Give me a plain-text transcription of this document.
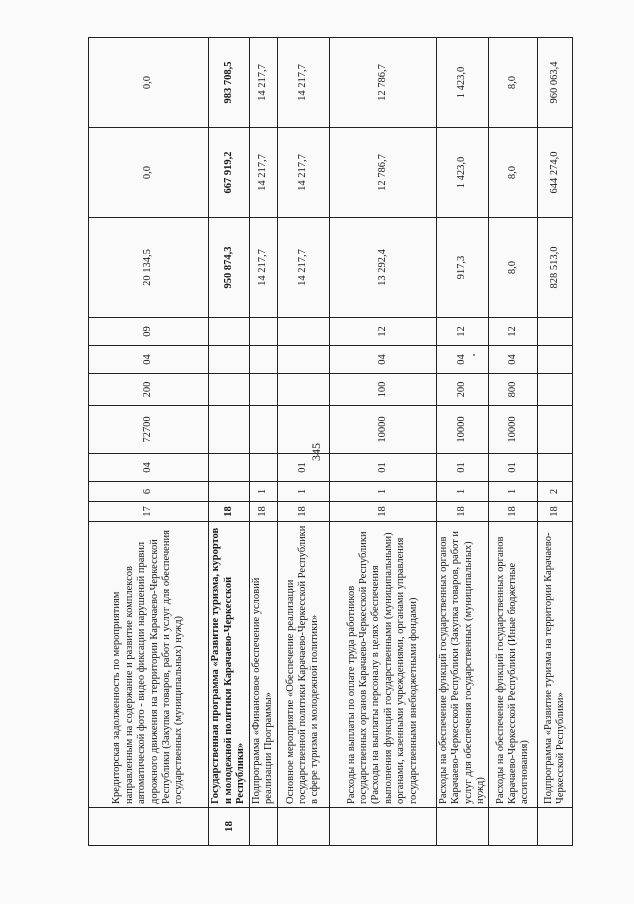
345
	Кредиторская задолженность по мероприятиям направленным на содержание и развитие комплексов автоматической фото - видео фиксации нарушений правил дорожного движения на территории Карачаево-Черкесской Республики (Закупка товаров, работ и услуг для обеспечения государственных (муниципальных) нужд)	17	6	04	72700	200	04	09	20 134,5	0,0	0,0
18	Государственная программа «Развитие туризма, курортов и молодежной политики Карачаево-Черкесской Республики»	18							950 874,3	667 919,2	983 708,5
	Подпрограмма «Финансовое обеспечение условий реализации Программы»	18	1						14 217,7	14 217,7	14 217,7
	Основное мероприятие «Обеспечение реализации государственной политики Карачаево-Черкесской Республики в сфере туризма и молодежной политики»	18	1	01					14 217,7	14 217,7	14 217,7
	Расходы на выплаты по оплате труда работников государственных органов Карачаево-Черкесской Республики (Расходы на выплаты персоналу в целях обеспечения выполнения функций государственными (муниципальными) органами, казенными учреждениями, органами управления государственными внебюджетными фондами)	18	1	01	10000	100	04	12	13 292,4	12 786,7	12 786,7
	Расходы на обеспечение функций государственных органов Карачаево-Черкесской Республики (Закупка товаров, работ и услуг для обеспечения государственных (муниципальных) нужд)	18	1	01	10000	200	04	12	917,3	1 423,0	1 423,0
	Расходы на обеспечение функций государственных органов Карачаево-Черкесской Республики (Иные бюджетные ассигнования)	18	1	01	10000	800	04	12	8,0	8,0	8,0
	Подпрограмма «Развитие туризма на территории Карачаево-Черкесской Республики»	18	2						828 513,0	644 274,0	960 063,4
